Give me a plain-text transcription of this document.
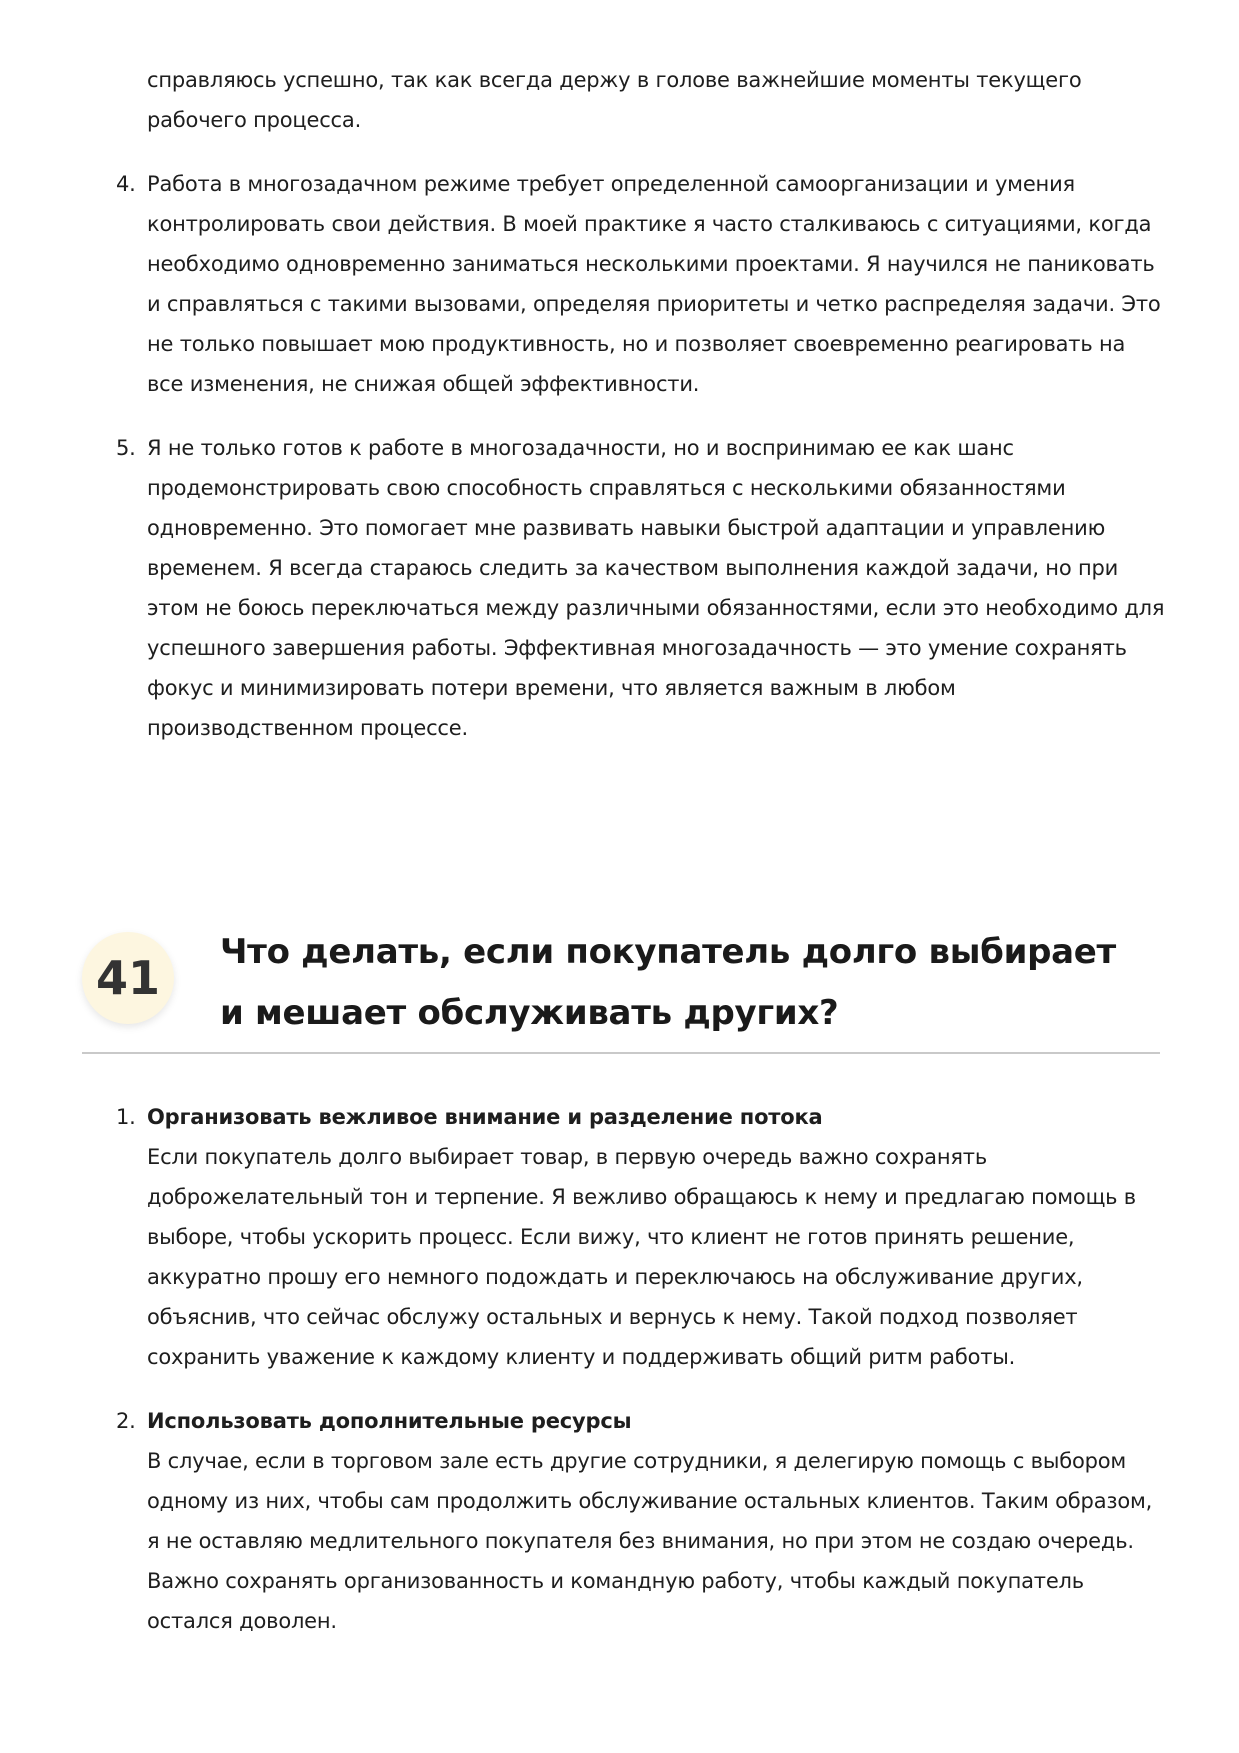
справляюсь успешно, так как всегда держу в голове важнейшие моменты текущего рабочего процесса.

4. Работа в многозадачном режиме требует определенной самоорганизации и умения контролировать свои действия. В моей практике я часто сталкиваюсь с ситуациями, когда необходимо одновременно заниматься несколькими проектами. Я научился не паниковать и справляться с такими вызовами, определяя приоритеты и четко распределяя задачи. Это не только повышает мою продуктивность, но и позволяет своевременно реагировать на все изменения, не снижая общей эффективности.

5. Я не только готов к работе в многозадачности, но и воспринимаю ее как шанс продемонстрировать свою способность справляться с несколькими обязанностями одновременно. Это помогает мне развивать навыки быстрой адаптации и управлению временем. Я всегда стараюсь следить за качеством выполнения каждой задачи, но при этом не боюсь переключаться между различными обязанностями, если это необходимо для успешного завершения работы. Эффективная многозадачность — это умение сохранять фокус и минимизировать потери времени, что является важным в любом производственном процессе.

41	Что делать, если покупатель долго выбирает и мешает обслуживать других?
1. Организовать вежливое внимание и разделение потока

Если покупатель долго выбирает товар, в первую очередь важно сохранять доброжелательный тон и терпение. Я вежливо обращаюсь к нему и предлагаю помощь в выборе, чтобы ускорить процесс. Если вижу, что клиент не готов принять решение, аккуратно прошу его немного подождать и переключаюсь на обслуживание других, объяснив, что сейчас обслужу остальных и вернусь к нему. Такой подход позволяет сохранить уважение к каждому клиенту и поддерживать общий ритм работы.

2. Использовать дополнительные ресурсы

В случае, если в торговом зале есть другие сотрудники, я делегирую помощь с выбором одному из них, чтобы сам продолжить обслуживание остальных клиентов. Таким образом, я не оставляю медлительного покупателя без внимания, но при этом не создаю очередь. Важно сохранять организованность и командную работу, чтобы каждый покупатель остался доволен.
